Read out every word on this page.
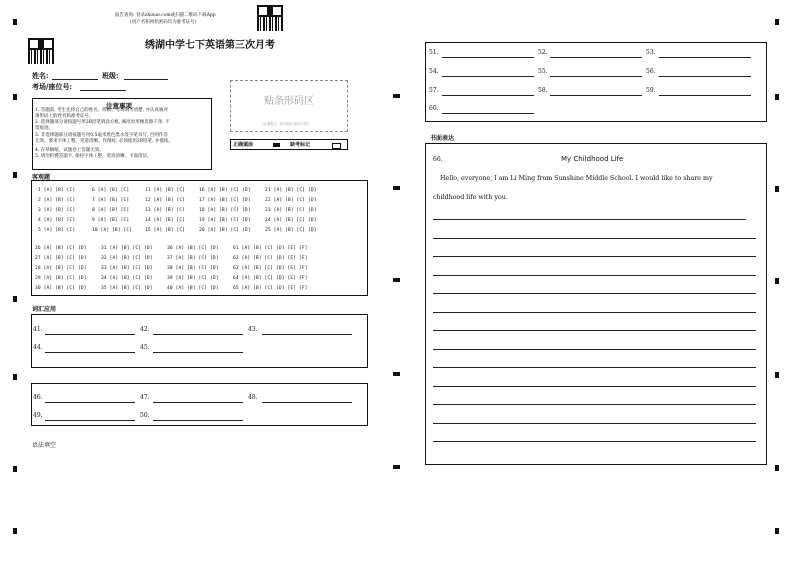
报告查询: 登录zhixue.com或扫描二维码下载App
(用户名和初始密码均为准考证号)
绣湖中学七下英语第三次月考
姓名:	班级:
考场/座位号:
注意事项
1. 答题前, 考生先将自己的姓名、班级、考场填写清楚, 并认真核对
条形码上的姓名和准考证号。
2. 选择题部分请按题号用2B铅笔填涂方框, 修改时用橡皮擦干净, 不
留痕迹。
3. 非选择题部分请按题号用0.5毫米黑色墨水签字笔书写, 否则作答
无效。要求字体工整、笔迹清晰。作图时, 必须使用2B铅笔, 并描浓。
4. 在草稿纸、试题卷上答题无效。
5. 请勿折叠答题卡, 保持字体工整、笔迹清晰、卡面清洁。
贴条形码区
(正面朝上, 切勿贴出虚线方框)
正确填涂	缺考标记
客观题
1 [A] [B] [C]	6 [A] [B] [C]	11 [A] [B] [C]	16 [A] [B] [C] [D]	21 [A] [B] [C] [D]
2 [A] [B] [C]	7 [A] [B] [C]	12 [A] [B] [C]	17 [A] [B] [C] [D]	22 [A] [B] [C] [D]
3 [A] [B] [C]	8 [A] [B] [C]	13 [A] [B] [C]	18 [A] [B] [C] [D]	23 [A] [B] [C] [D]
4 [A] [B] [C]	9 [A] [B] [C]	14 [A] [B] [C]	19 [A] [B] [C] [D]	24 [A] [B] [C] [D]
5 [A] [B] [C]	10 [A] [B] [C]	15 [A] [B] [C]	20 [A] [B] [C] [D]	25 [A] [B] [C] [D]
26 [A] [B] [C] [D]	31 [A] [B] [C] [D]	36 [A] [B] [C] [D]	61 [A] [B] [C] [D] [E] [F]
27 [A] [B] [C] [D]	32 [A] [B] [C] [D]	37 [A] [B] [C] [D]	62 [A] [B] [C] [D] [E] [F]
28 [A] [B] [C] [D]	33 [A] [B] [C] [D]	38 [A] [B] [C] [D]	63 [A] [B] [C] [D] [E] [F]
29 [A] [B] [C] [D]	34 [A] [B] [C] [D]	39 [A] [B] [C] [D]	64 [A] [B] [C] [D] [E] [F]
30 [A] [B] [C] [D]	35 [A] [B] [C] [D]	40 [A] [B] [C] [D]	65 [A] [B] [C] [D] [E] [F]
词汇应用
41.	42.	43.
44.	45.
46.	47.	48.
49.	50.
语法填空
51.	52.	53.
54.	55.	56.
57.	58.	59.
60.
书面表达
66.	My Childhood Life
Hello, everyone, I am Li Ming from Sunshine Middle School. I would like to share my
childhood life with you.
